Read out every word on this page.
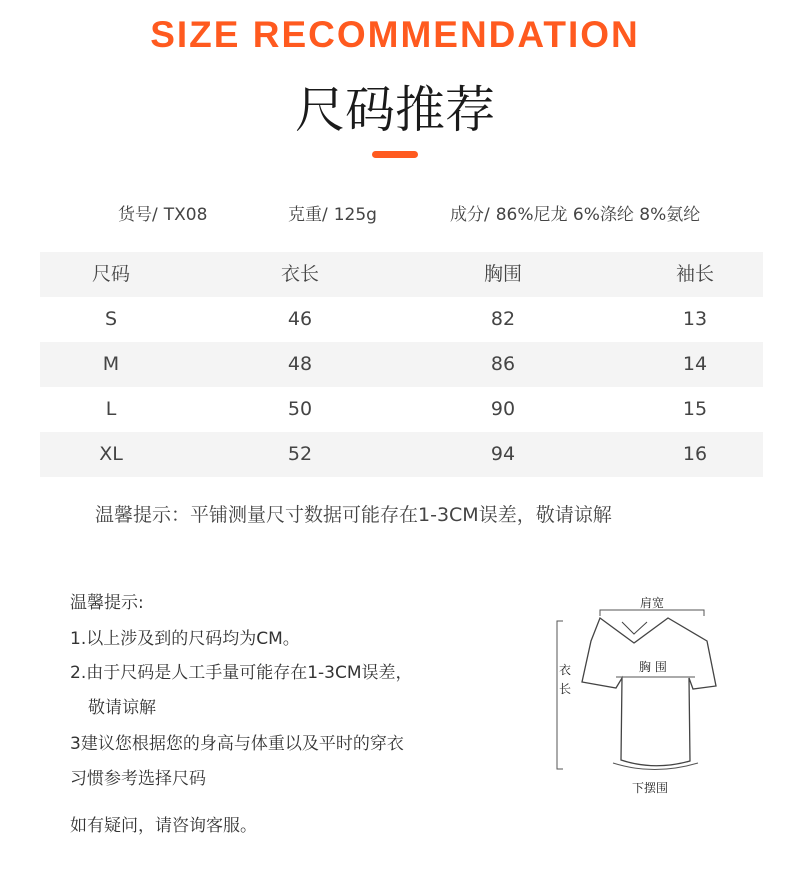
SIZE RECOMMENDATION
尺码推荐
货号/ TX08	克重/ 125g	成分/ 86%尼龙 6%涤纶 8%氨纶
尺码	衣长	胸围	袖长
S	46	82	13
M	48	86	14
L	50	90	15
XL	52	94	16
温馨提示：平铺测量尺寸数据可能存在1-3CM误差，敬请谅解
温馨提示:
1.以上涉及到的尺码均为CM。
2.由于尺码是人工手量可能存在1-3CM误差，
敬请谅解
3建议您根据您的身高与体重以及平时的穿衣
习惯参考选择尺码
如有疑问，请咨询客服。
肩宽
胸 围
衣
长
下摆围
